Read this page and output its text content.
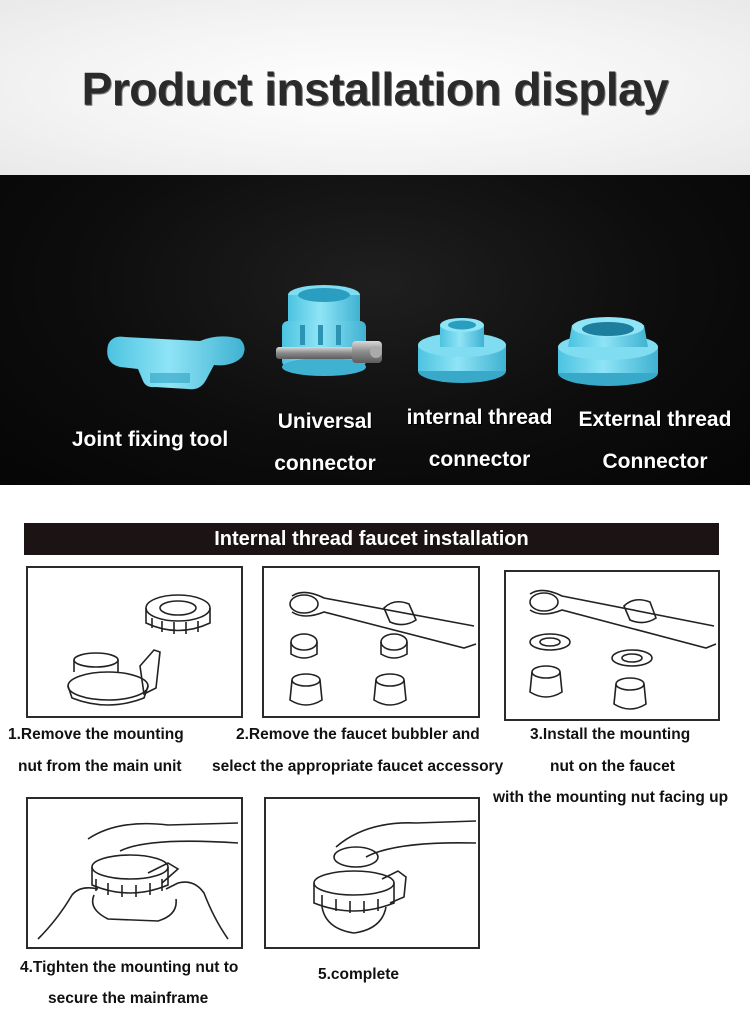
Product installation display
Joint fixing tool
Universal
connector
internal thread
connector
External thread
Connector
Internal thread faucet installation
1.Remove the mounting
nut from the main unit
2.Remove the faucet bubbler and
select the appropriate faucet accessory
3.Install the mounting
nut on the faucet
with the mounting nut facing up
4.Tighten the mounting nut to
secure the mainframe
5.complete
